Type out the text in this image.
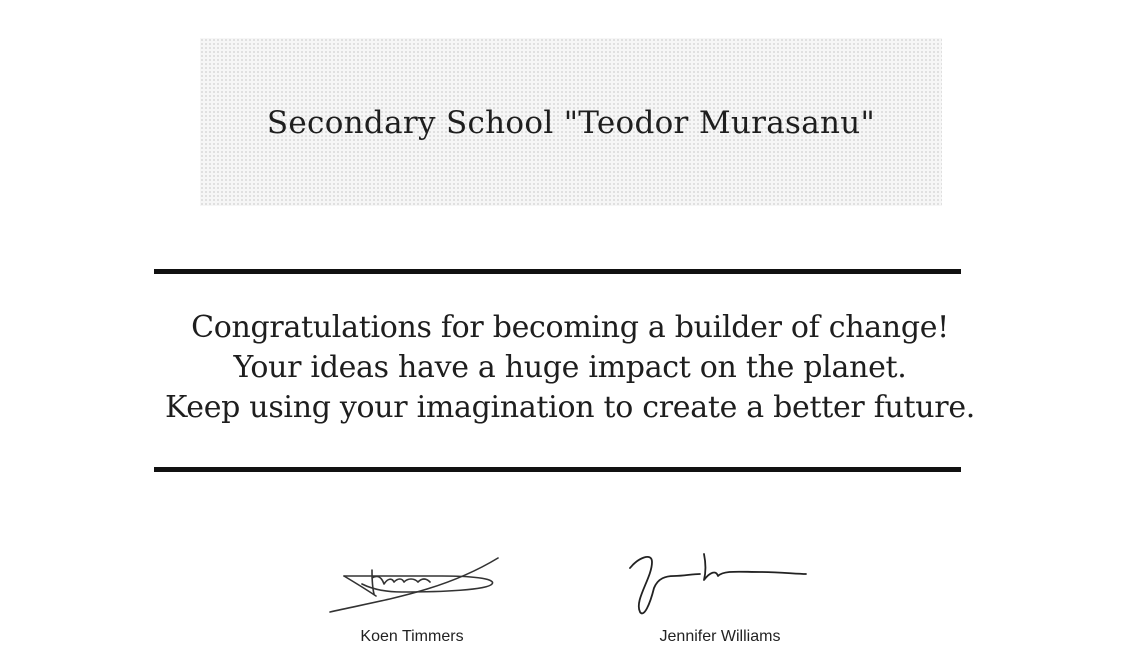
Secondary School "Teodor Murasanu"
Congratulations for becoming a builder of change!
Your ideas have a huge impact on the planet.
Keep using your imagination to create a better future.
Koen Timmers	Jennifer Williams
